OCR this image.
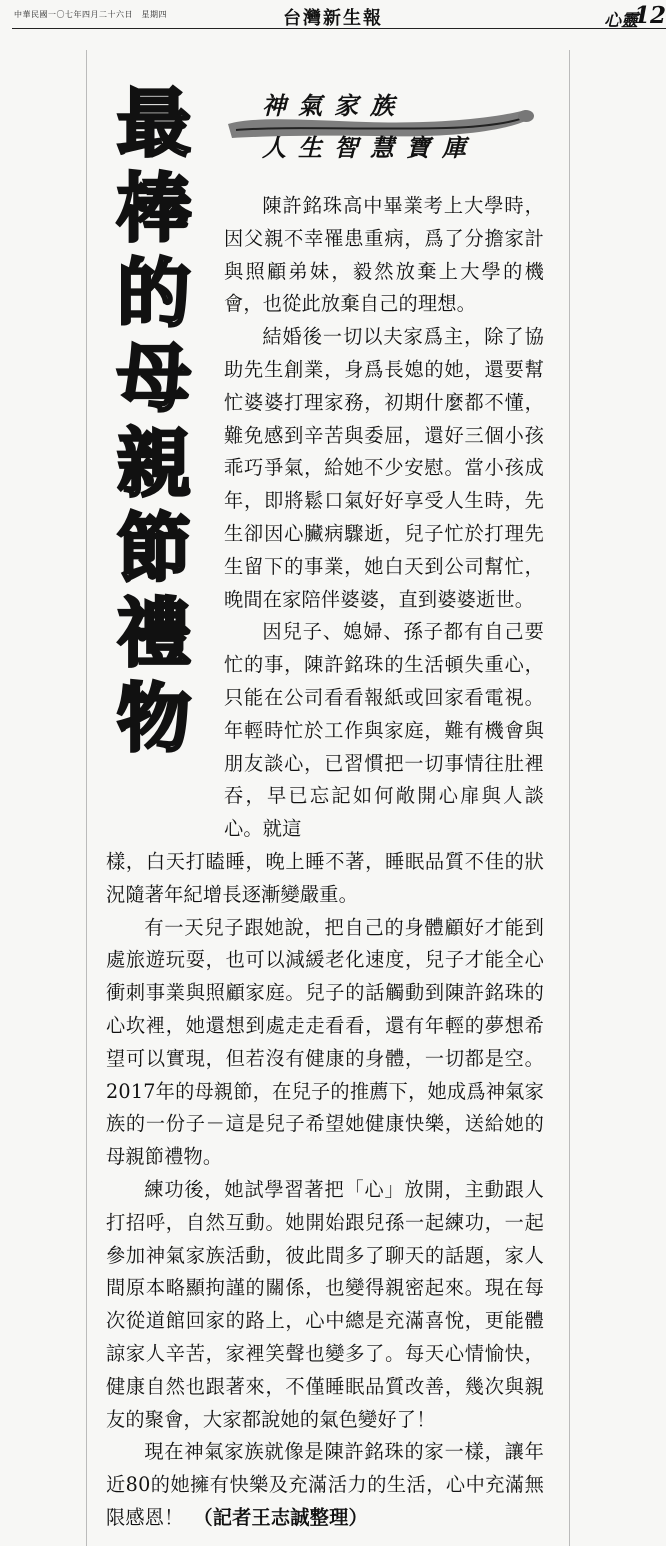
中華民國一〇七年四月二十六日　星期四	台灣新生報	心靈
12
最
棒
的
母
親
節
禮
物
神氣家族
人生智慧寶庫

陳許銘珠高中畢業考上大學時，因父親不幸罹患重病，爲了分擔家計與照顧弟妹，毅然放棄上大學的機會，也從此放棄自己的理想。

結婚後一切以夫家爲主，除了協助先生創業，身爲長媳的她，還要幫忙婆婆打理家務，初期什麼都不懂，難免感到辛苦與委屈，還好三個小孩乖巧爭氣，給她不少安慰。當小孩成年，即將鬆口氣好好享受人生時，先生卻因心臟病驟逝，兒子忙於打理先生留下的事業，她白天到公司幫忙，晚間在家陪伴婆婆，直到婆婆逝世。

因兒子、媳婦、孫子都有自己要忙的事，陳許銘珠的生活頓失重心，只能在公司看看報紙或回家看電視。年輕時忙於工作與家庭，難有機會與朋友談心，已習慣把一切事情往肚裡吞，早已忘記如何敞開心扉與人談心。就這

樣，白天打瞌睡，晚上睡不著，睡眠品質不佳的狀況隨著年紀增長逐漸變嚴重。

有一天兒子跟她說，把自己的身體顧好才能到處旅遊玩耍，也可以減緩老化速度，兒子才能全心衝刺事業與照顧家庭。兒子的話觸動到陳許銘珠的心坎裡，她還想到處走走看看，還有年輕的夢想希望可以實現，但若沒有健康的身體，一切都是空。2017年的母親節，在兒子的推薦下，她成爲神氣家族的一份子－這是兒子希望她健康快樂，送給她的母親節禮物。

練功後，她試學習著把「心」放開，主動跟人打招呼，自然互動。她開始跟兒孫一起練功，一起參加神氣家族活動，彼此間多了聊天的話題，家人間原本略顯拘謹的關係，也變得親密起來。現在每次從道館回家的路上，心中總是充滿喜悅，更能體諒家人辛苦，家裡笑聲也變多了。每天心情愉快，健康自然也跟著來，不僅睡眠品質改善，幾次與親友的聚會，大家都說她的氣色變好了！

現在神氣家族就像是陳許銘珠的家一樣，讓年近80的她擁有快樂及充滿活力的生活，心中充滿無限感恩！　 （記者王志誠整理）
